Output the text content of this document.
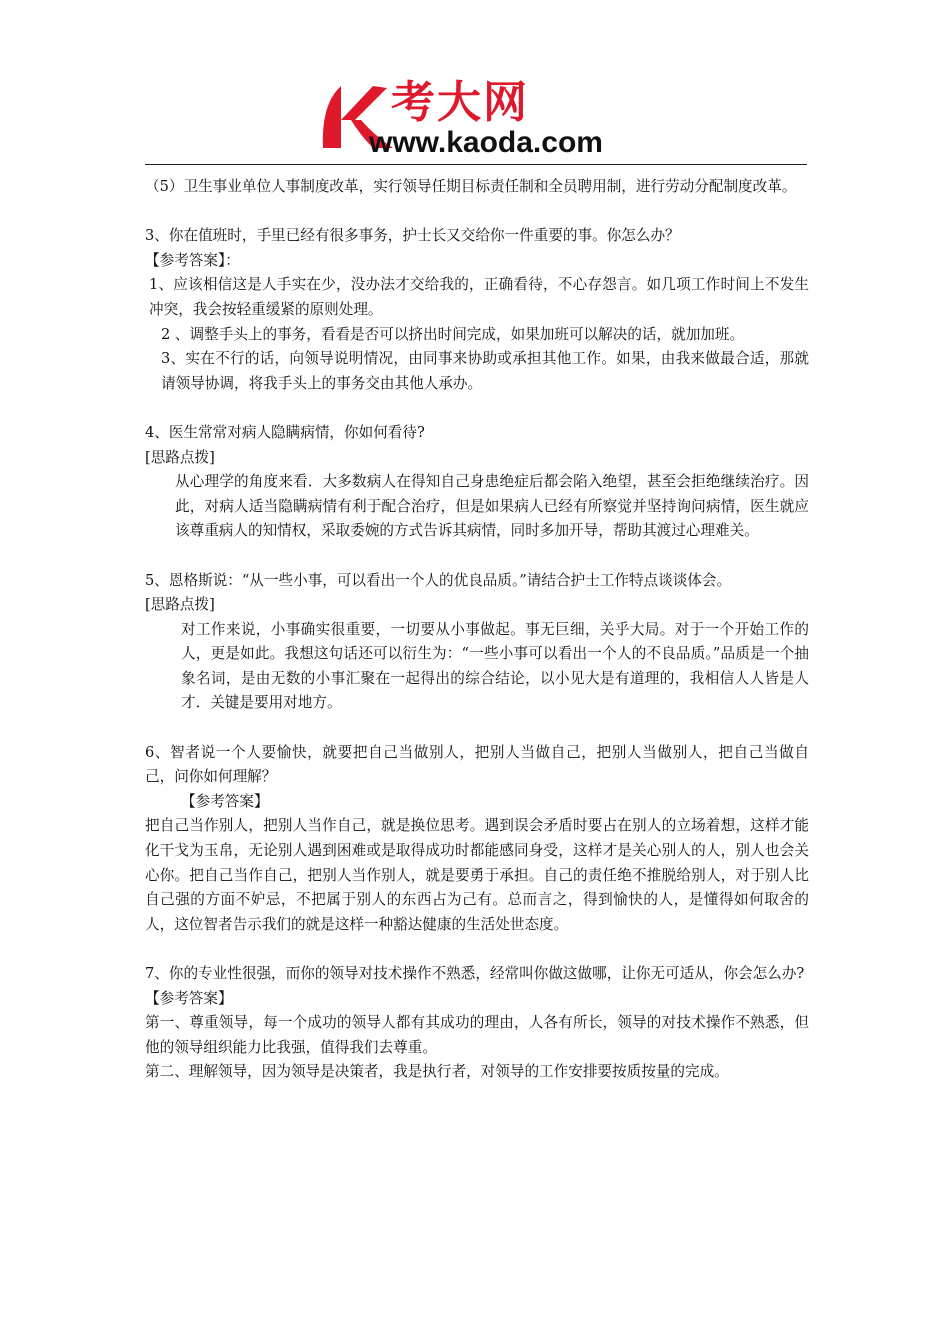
考大网
www.kaoda.com

（5）卫生事业单位人事制度改革，实行领导任期目标责任制和全员聘用制，进行劳动分配制度改革。

3、你在值班时，手里已经有很多事务，护士长又交给你一件重要的事。你怎么办？

【参考答案】：

1、应该相信这是人手实在少，没办法才交给我的，正确看待，不心存怨言。如几项工作时间上不发生冲突，我会按轻重缓紧的原则处理。

2 、调整手头上的事务，看看是否可以挤出时间完成，如果加班可以解决的话，就加加班。

3、实在不行的话，向领导说明情况，由同事来协助或承担其他工作。如果，由我来做最合适，那就请领导协调，将我手头上的事务交由其他人承办。

4、医生常常对病人隐瞒病情，你如何看待?

[思路点拨]

从心理学的角度来看．大多数病人在得知自己身患绝症后都会陷入绝望，甚至会拒绝继续治疗。因此，对病人适当隐瞒病情有利于配合治疗，但是如果病人已经有所察觉并坚持询问病情，医生就应该尊重病人的知情权，采取委婉的方式告诉其病情，同时多加开导，帮助其渡过心理难关。

5、恩格斯说：“从一些小事，可以看出一个人的优良品质。”请结合护士工作特点谈谈体会。

[思路点拨]

对工作来说，小事确实很重要，一切要从小事做起。事无巨细，关乎大局。对于一个开始工作的人，更是如此。我想这句话还可以衍生为：“一些小事可以看出一个人的不良品质。”品质是一个抽象名词，是由无数的小事汇聚在一起得出的综合结论，以小见大是有道理的，我相信人人皆是人才．关键是要用对地方。

6、智者说一个人要愉快，就要把自己当做别人，把别人当做自己，把别人当做别人，把自己当做自己，问你如何理解？

【参考答案】

把自己当作别人，把别人当作自己，就是换位思考。遇到误会矛盾时要占在别人的立场着想，这样才能化干戈为玉帛，无论别人遇到困难或是取得成功时都能感同身受，这样才是关心别人的人，别人也会关心你。把自己当作自己，把别人当作别人，就是要勇于承担。自己的责任绝不推脱给别人，对于别人比自己强的方面不妒忌，不把属于别人的东西占为己有。总而言之，得到愉快的人，是懂得如何取舍的人，这位智者告示我们的就是这样一种豁达健康的生活处世态度。

7、你的专业性很强，而你的领导对技术操作不熟悉，经常叫你做这做哪，让你无可适从，你会怎么办?

【参考答案】

第一、尊重领导，每一个成功的领导人都有其成功的理由，人各有所长，领导的对技术操作不熟悉，但他的领导组织能力比我强，值得我们去尊重。

第二、理解领导，因为领导是决策者，我是执行者，对领导的工作安排要按质按量的完成。
